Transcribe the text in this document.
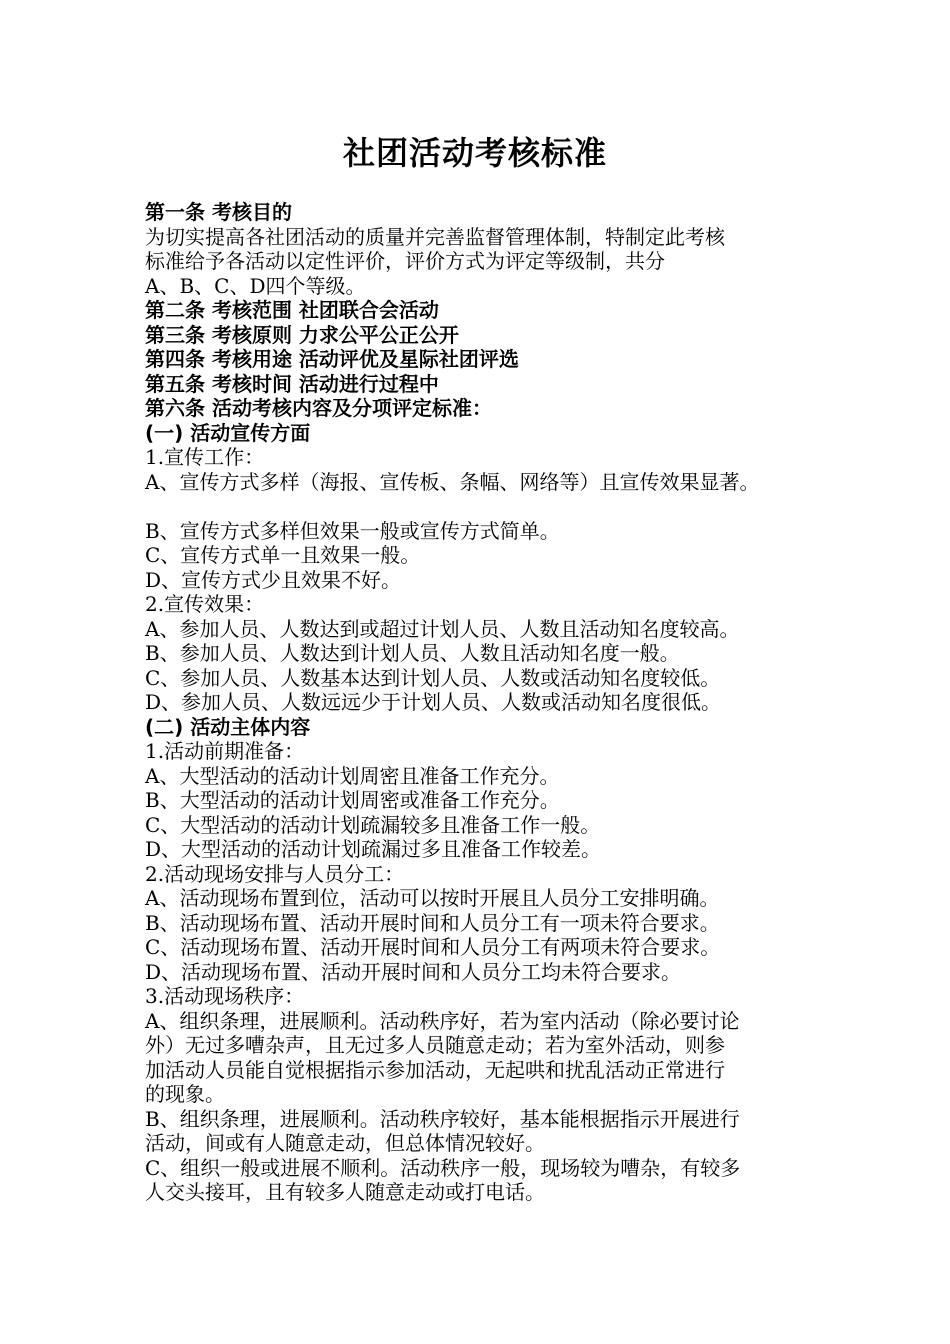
社团活动考核标准
第一条 考核目的
为切实提高各社团活动的质量并完善监督管理体制，特制定此考核
标准给予各活动以定性评价，评价方式为评定等级制，共分
A、B、C、D四个等级。
第二条 考核范围 社团联合会活动
第三条 考核原则 力求公平公正公开
第四条 考核用途 活动评优及星际社团评选
第五条 考核时间 活动进行过程中
第六条 活动考核内容及分项评定标准：
(一) 活动宣传方面
1.宣传工作：
A、宣传方式多样（海报、宣传板、条幅、网络等）且宣传效果显著。
B、宣传方式多样但效果一般或宣传方式简单。
C、宣传方式单一且效果一般。
D、宣传方式少且效果不好。
2.宣传效果：
A、参加人员、人数达到或超过计划人员、人数且活动知名度较高。
B、参加人员、人数达到计划人员、人数且活动知名度一般。
C、参加人员、人数基本达到计划人员、人数或活动知名度较低。
D、参加人员、人数远远少于计划人员、人数或活动知名度很低。
(二) 活动主体内容
1.活动前期准备：
A、大型活动的活动计划周密且准备工作充分。
B、大型活动的活动计划周密或准备工作充分。
C、大型活动的活动计划疏漏较多且准备工作一般。
D、大型活动的活动计划疏漏过多且准备工作较差。
2.活动现场安排与人员分工：
A、活动现场布置到位，活动可以按时开展且人员分工安排明确。
B、活动现场布置、活动开展时间和人员分工有一项未符合要求。
C、活动现场布置、活动开展时间和人员分工有两项未符合要求。
D、活动现场布置、活动开展时间和人员分工均未符合要求。
3.活动现场秩序：
A、组织条理，进展顺利。活动秩序好，若为室内活动（除必要讨论
外）无过多嘈杂声，且无过多人员随意走动；若为室外活动，则参
加活动人员能自觉根据指示参加活动，无起哄和扰乱活动正常进行
的现象。
B、组织条理，进展顺利。活动秩序较好，基本能根据指示开展进行
活动，间或有人随意走动，但总体情况较好。
C、组织一般或进展不顺利。活动秩序一般，现场较为嘈杂，有较多
人交头接耳，且有较多人随意走动或打电话。
